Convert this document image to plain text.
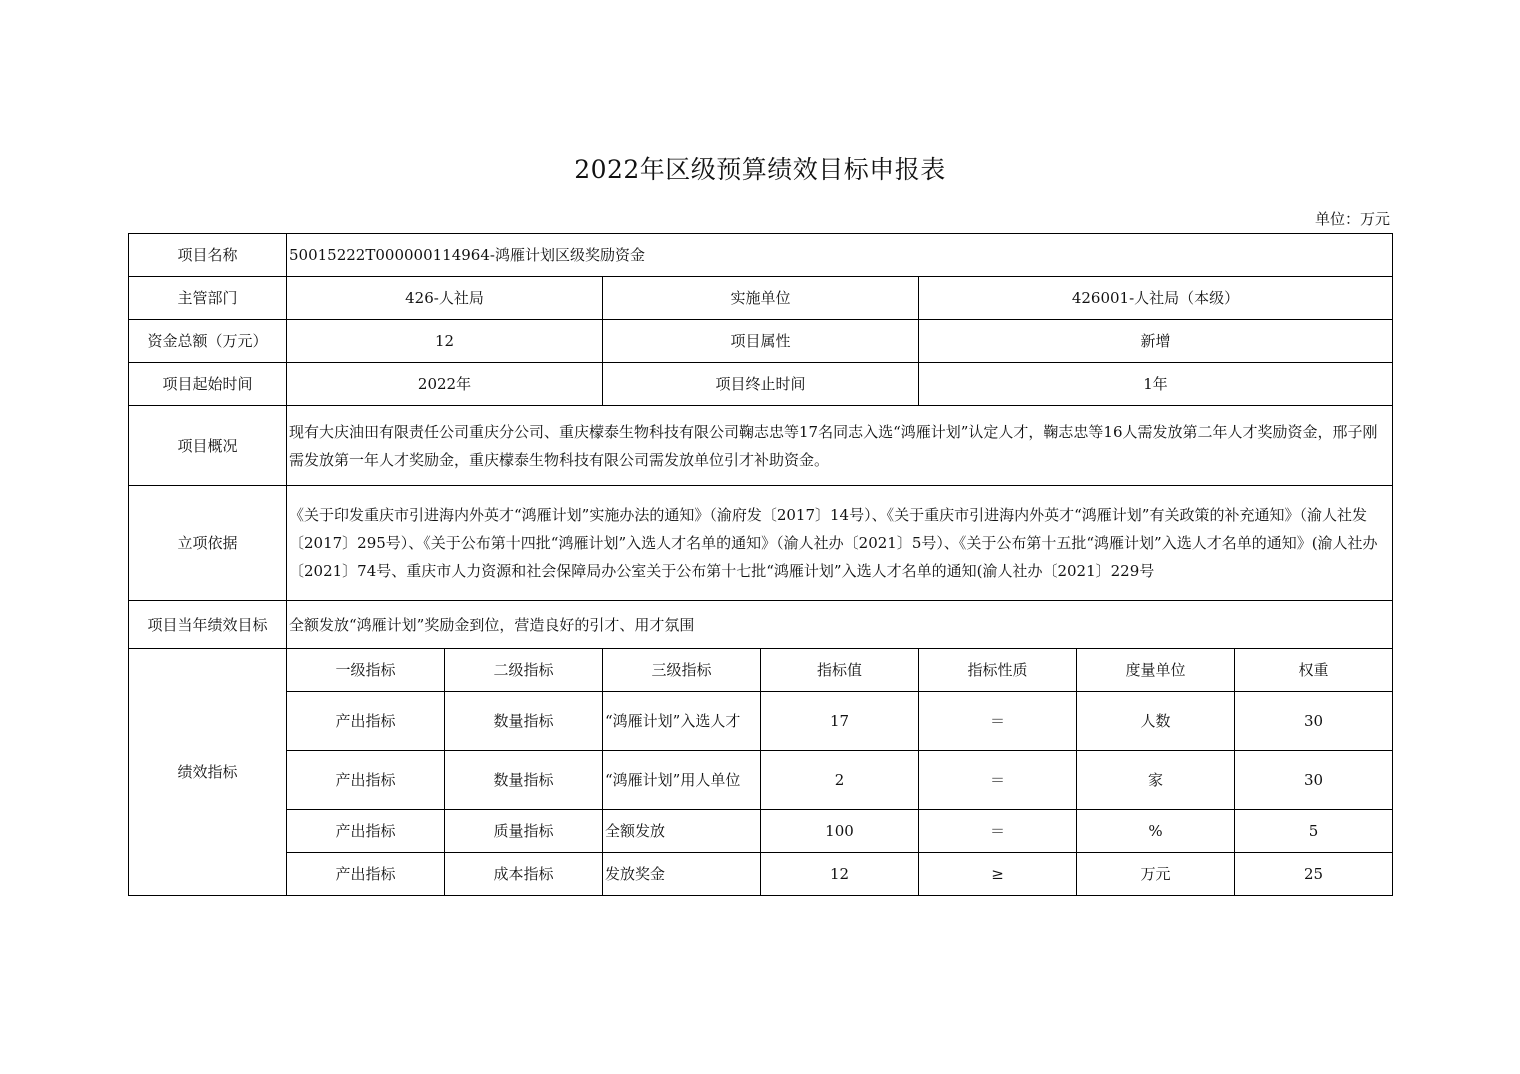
2022年区级预算绩效目标申报表
单位：万元
项目名称	50015222T000000114964-鸿雁计划区级奖励资金						
主管部门	426-人社局		实施单位		426001-人社局（本级）		
资金总额（万元）	12		项目属性		新增		
项目起始时间	2022年		项目终止时间		1年		
项目概况	现有大庆油田有限责任公司重庆分公司、重庆檬泰生物科技有限公司鞠志忠等17名同志入选“鸿雁计划”认定人才，鞠志忠等16人需发放第二年人才奖励资金，邢子刚需发放第一年人才奖励金，重庆檬泰生物科技有限公司需发放单位引才补助资金。						
立项依据	《关于印发重庆市引进海内外英才“鸿雁计划”实施办法的通知》（渝府发〔2017〕14号）、《关于重庆市引进海内外英才“鸿雁计划”有关政策的补充通知》（渝人社发〔2017〕295号）、《关于公布第十四批“鸿雁计划”入选人才名单的通知》（渝人社办〔2021〕5号）、《关于公布第十五批“鸿雁计划”入选人才名单的通知》(渝人社办〔2021〕74号、重庆市人力资源和社会保障局办公室关于公布第十七批“鸿雁计划”入选人才名单的通知(渝人社办〔2021〕229号						
项目当年绩效目标	全额发放“鸿雁计划”奖励金到位，营造良好的引才、用才氛围						
绩效指标	一级指标	二级指标	三级指标	指标值	指标性质	度量单位	权重
	产出指标	数量指标	“鸿雁计划”入选人才	17	＝	人数	30
	产出指标	数量指标	“鸿雁计划”用人单位	2	＝	家	30
	产出指标	质量指标	全额发放	100	＝	%	5
	产出指标	成本指标	发放奖金	12	≥	万元	25
